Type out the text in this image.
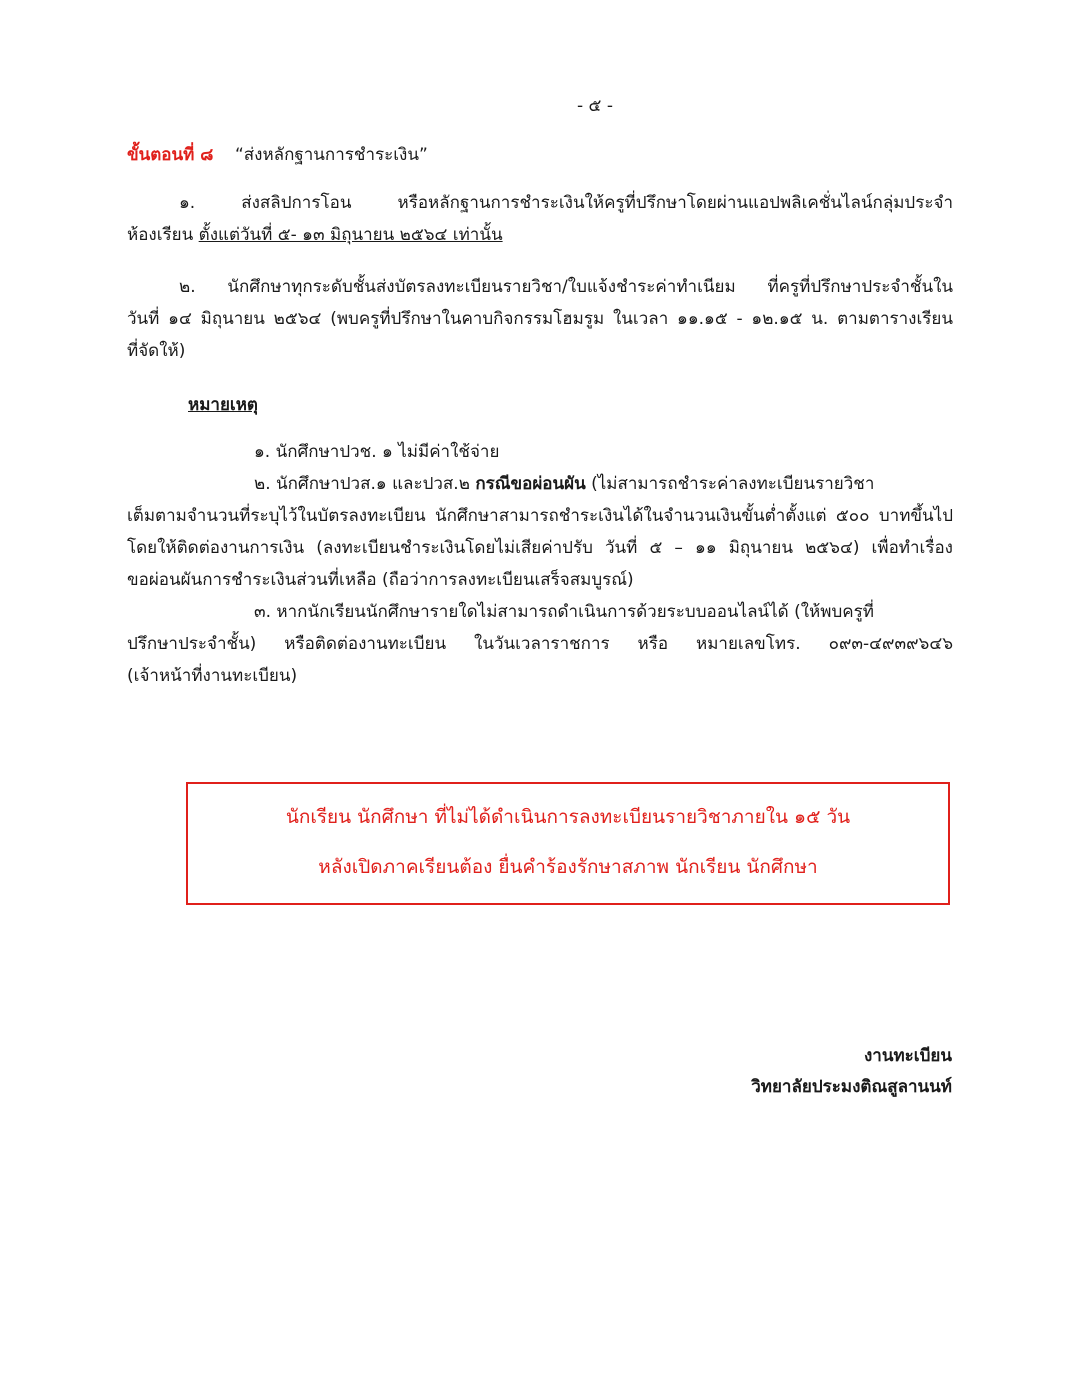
- ๕ -
ขั้นตอนที่ ๘ “ส่งหลักฐานการชำระเงิน”
๑. ส่งสลิปการโอน หรือหลักฐานการชำระเงินให้ครูที่ปรึกษาโดยผ่านแอปพลิเคชั่นไลน์กลุ่มประจำ
ห้องเรียน ตั้งแต่วันที่ ๕- ๑๓ มิถุนายน ๒๕๖๔ เท่านั้น
๒. นักศึกษาทุกระดับชั้นส่งบัตรลงทะเบียนรายวิชา/ใบแจ้งชำระค่าทำเนียม ที่ครูที่ปรึกษาประจำชั้นใน
วันที่ ๑๔ มิถุนายน ๒๕๖๔ (พบครูที่ปรึกษาในคาบกิจกรรมโฮมรูม ในเวลา ๑๑.๑๕ - ๑๒.๑๕ น. ตามตารางเรียน
ที่จัดให้)
หมายเหตุ
๑. นักศึกษาปวช. ๑ ไม่มีค่าใช้จ่าย
๒. นักศึกษาปวส.๑ และปวส.๒ กรณีขอผ่อนผัน (ไม่สามารถชำระค่าลงทะเบียนรายวิชา
เต็มตามจำนวนที่ระบุไว้ในบัตรลงทะเบียน นักศึกษาสามารถชำระเงินได้ในจำนวนเงินขั้นต่ำตั้งแต่ ๕๐๐ บาทขึ้นไป
โดยให้ติดต่องานการเงิน (ลงทะเบียนชำระเงินโดยไม่เสียค่าปรับ วันที่ ๕ – ๑๑ มิถุนายน ๒๕๖๔) เพื่อทำเรื่อง
ขอผ่อนผันการชำระเงินส่วนที่เหลือ (ถือว่าการลงทะเบียนเสร็จสมบูรณ์)
๓. หากนักเรียนนักศึกษารายใดไม่สามารถดำเนินการด้วยระบบออนไลน์ได้ (ให้พบครูที่
ปรึกษาประจำชั้น) หรือติดต่องานทะเบียน ในวันเวลาราชการ หรือ หมายเลขโทร. ๐๙๓-๔๙๓๙๖๔๖
(เจ้าหน้าที่งานทะเบียน)
นักเรียน นักศึกษา ที่ไม่ได้ดำเนินการลงทะเบียนรายวิชาภายใน ๑๕ วัน
หลังเปิดภาคเรียนต้อง ยื่นคำร้องรักษาสภาพ นักเรียน นักศึกษา
งานทะเบียน
วิทยาลัยประมงติณสูลานนท์
